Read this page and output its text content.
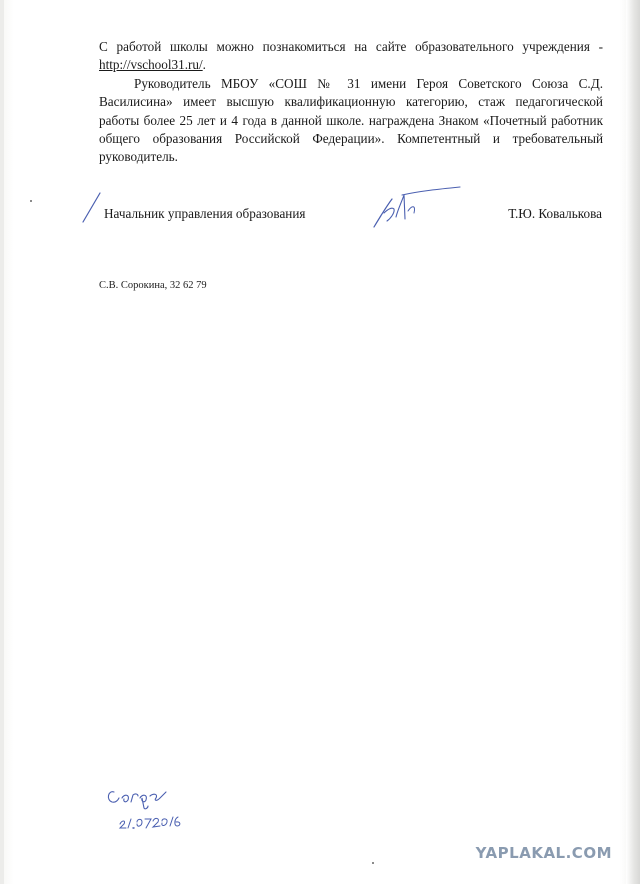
С работой школы можно познакомиться на сайте образовательного учреждения - http://vschool31.ru/.

Руководитель МБОУ «СОШ № 31 имени Героя Советского Союза С.Д. Василисина» имеет высшую квалификационную категорию, стаж педагогической работы более 25 лет и 4 года в данной школе. награждена Знаком «Почетный работник общего образования Российской Федерации». Компетентный и требовательный руководитель.

Начальник управления образования	Т.Ю. Ковалькова
С.В. Сорокина, 32 62 79
YAPLAKAL.COM
